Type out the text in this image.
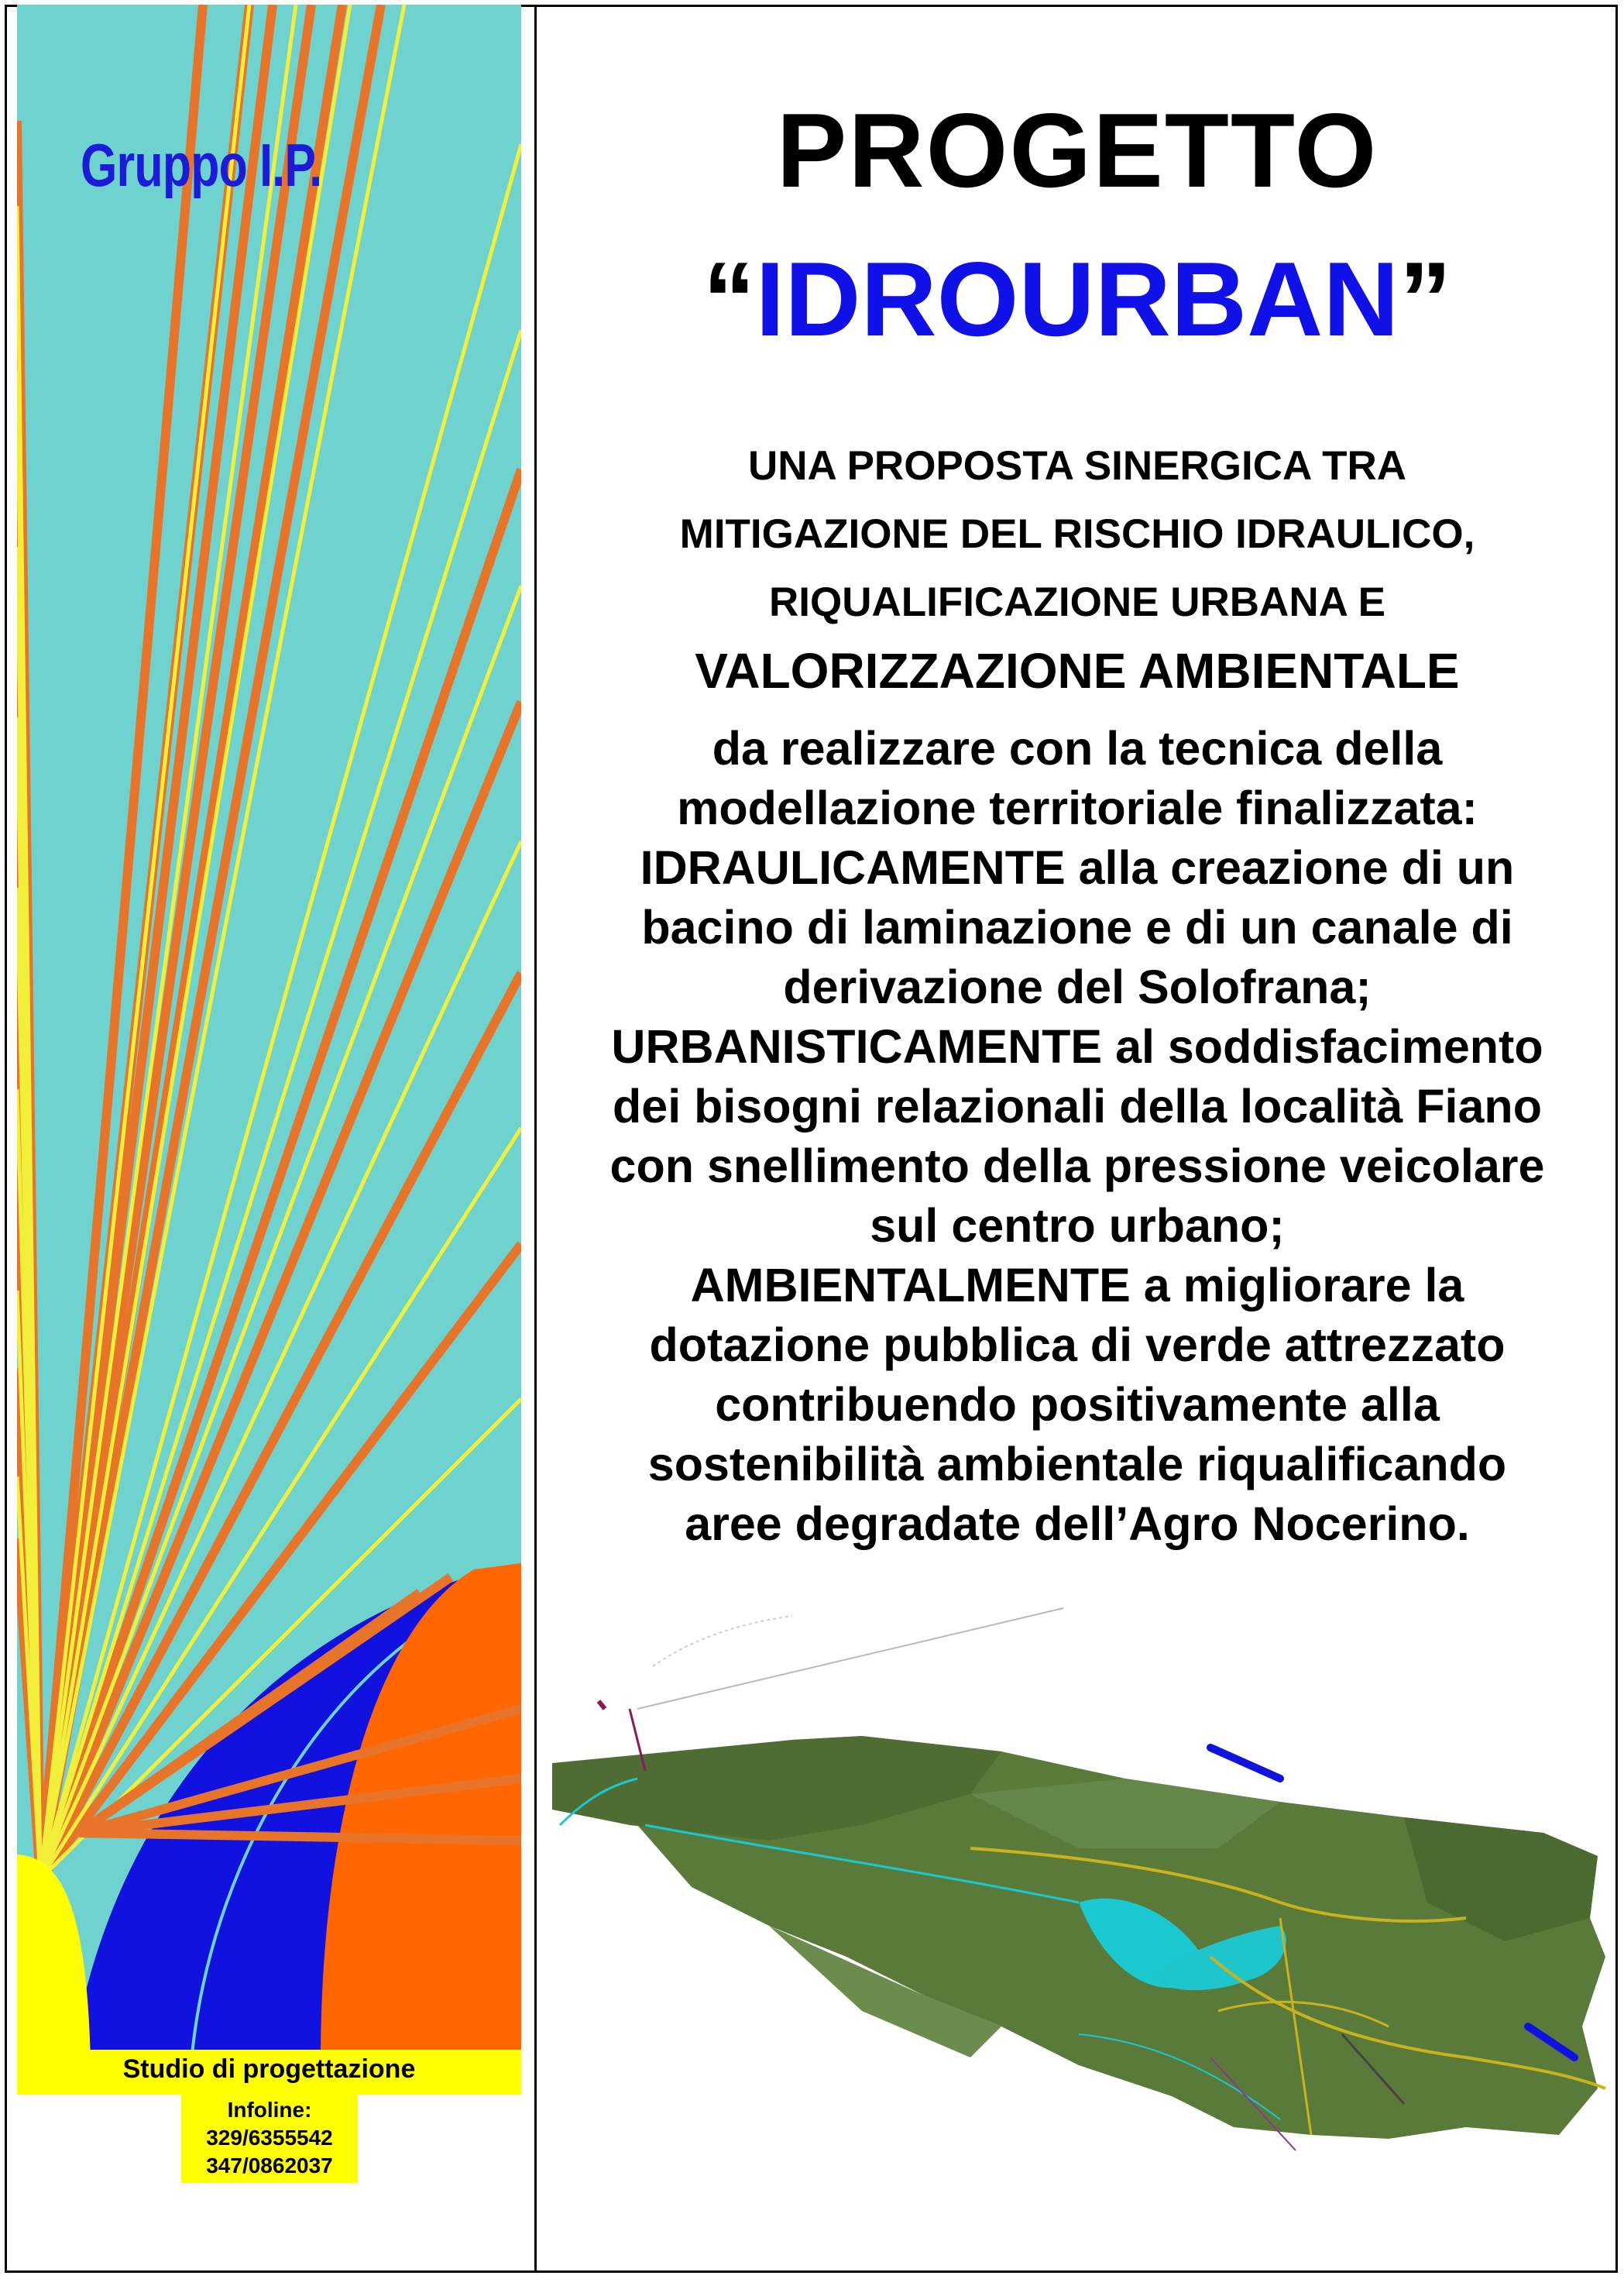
Gruppo I.P.
Studio di progettazione
Infoline:
329/6355542
347/0862037
PROGETTO
“IDROURBAN”
UNA PROPOSTA SINERGICA TRA
MITIGAZIONE DEL RISCHIO IDRAULICO,
RIQUALIFICAZIONE URBANA E
VALORIZZAZIONE AMBIENTALE
da realizzare con la tecnica della
modellazione territoriale finalizzata:
IDRAULICAMENTE alla creazione di un
bacino di laminazione e di un canale di
derivazione del Solofrana;
URBANISTICAMENTE al soddisfacimento
dei bisogni relazionali della località Fiano
con snellimento della pressione veicolare
sul centro urbano;
AMBIENTALMENTE a migliorare la
dotazione pubblica di verde attrezzato
contribuendo positivamente alla
sostenibilità ambientale riqualificando
aree degradate dell’Agro Nocerino.
